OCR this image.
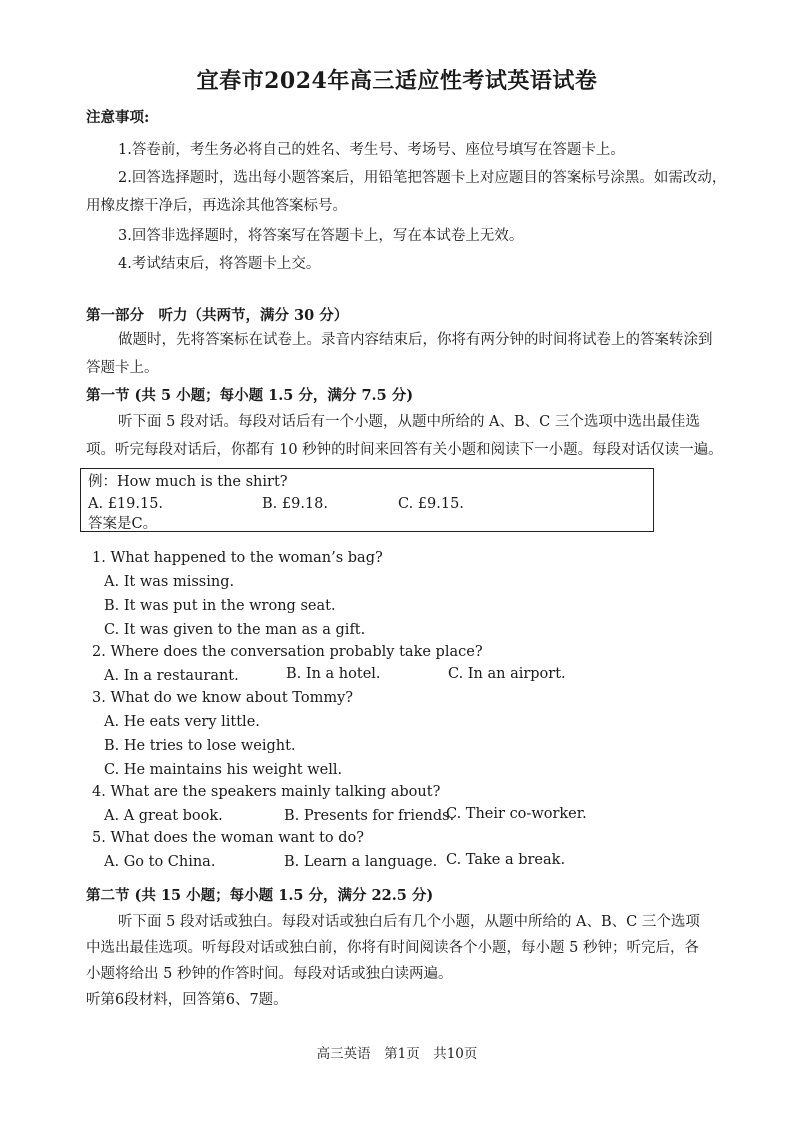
宜春市2024年高三适应性考试英语试卷
注意事项:
1.答卷前，考生务必将自己的姓名、考生号、考场号、座位号填写在答题卡上。
2.回答选择题时，选出每小题答案后，用铅笔把答题卡上对应题目的答案标号涂黑。如需改动，
用橡皮擦干净后，再选涂其他答案标号。
3.回答非选择题时，将答案写在答题卡上，写在本试卷上无效。
4.考试结束后，将答题卡上交。
第一部分　听力（共两节，满分 30 分）
做题时，先将答案标在试卷上。录音内容结束后，你将有两分钟的时间将试卷上的答案转涂到
答题卡上。
第一节 (共 5 小题；每小题 1.5 分，满分 7.5 分)
听下面 5 段对话。每段对话后有一个小题，从题中所给的 A、B、C 三个选项中选出最佳选
项。听完每段对话后，你都有 10 秒钟的时间来回答有关小题和阅读下一小题。每段对话仅读一遍。
例：How much is the shirt?
A. £19.15.	B. £9.18.	C. £9.15.
答案是C。
1. What happened to the woman’s bag?
A. It was missing.
B. It was put in the wrong seat.
C. It was given to the man as a gift.
2. Where does the conversation probably take place?
A. In a restaurant.	B. In a hotel.	C. In an airport.
3. What do we know about Tommy?
A. He eats very little.
B. He tries to lose weight.
C. He maintains his weight well.
4. What are the speakers mainly talking about?
A. A great book.	B. Presents for friends.
C. Their co-worker.
5. What does the woman want to do?
A. Go to China.	B. Learn a language. C. Take a break.
第二节 (共 15 小题；每小题 1.5 分，满分 22.5 分)
听下面 5 段对话或独白。每段对话或独白后有几个小题，从题中所给的 A、B、C 三个选项
中选出最佳选项。听每段对话或独白前，你将有时间阅读各个小题，每小题 5 秒钟；听完后，各
小题将给出 5 秒钟的作答时间。每段对话或独白读两遍。
听第6段材料，回答第6、7题。
高三英语　第1页　共10页
